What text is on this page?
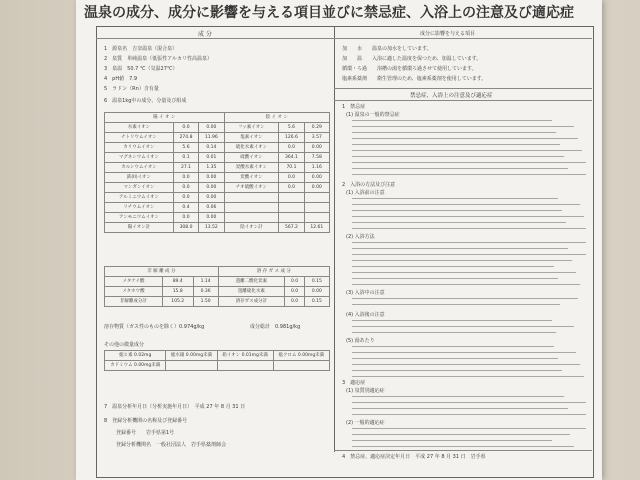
温泉の成分、成分に影響を与える項目並びに禁忌症、入浴上の注意及び適応症
成 分
1　源泉名　吉奈温泉（混合泉）
2　泉質　単純温泉（低張性アルカリ性高温泉）
3　泉温　50.7 ℃（気温27℃）
4　pH値　7.9
5　ラドン（Rn）含有量
6　温泉1kg中の成分、分量及び組成
陽 イ オ ン			陰 イ オ ン		
水素イオン	0.0	0.00	フッ素イオン	5.6	0.29
ナトリウムイオン	274.8	11.96	塩素イオン	126.6	3.57
カリウムイオン	5.6	0.14	硫化水素イオン	0.0	0.00
マグネシウムイオン	0.1	0.01	硫酸イオン	364.1	7.58
カルシウムイオン	27.1	1.35	炭酸水素イオン	70.1	1.16
鉄(II)イオン	0.0	0.00	炭酸イオン	0.0	0.00
マンガンイオン	0.0	0.00	チオ硫酸イオン	0.0	0.00
アルミニウムイオン	0.0	0.00			
リチウムイオン	0.4	0.06			
アンモニウムイオン	0.0	0.00			
陽イオン計	308.0	13.52	陰イオン計	567.2	12.61
非 解 離 成 分			溶 存 ガ ス 成 分		
メタケイ酸	89.4	1.14	遊離二酸化炭素	0.0	0.15
メタホウ酸	15.8	0.36	遊離硫化水素	0.0	0.00
非解離成分計	105.2	1.50	溶存ガス成分計	0.0	0.15
溶存物質（ガス性のものを除く）0.974g/kg	成分総計　0.981g/kg
その他の微量成分
総ヒ素 0.02mg	総水銀 0.00mg未満	鉛イオン 0.01mg未満	総クロム 0.00mg未満
カドミウム 0.00mg未満			
7　温泉分析年月日（分析実施年月日）　平成 27 年 8 月 31 日
8　登録分析機関の名称及び登録番号
登録番号　　岩手県第1号
登録分析機関名　一般社団法人　岩手県薬剤師会
成分に影響を与える項目
加　　水　　温泉の加水をしています。
加　　温　　入浴に適した温度を保つため、加温しています。
循環・ろ過　　浴槽の湯を循環ろ過させて使用しています。
塩素系薬剤　　衛生管理のため、塩素系薬剤を使用しています。
禁忌症、入浴上の注意及び適応症
1　禁忌症
(1) 温泉の一般的禁忌症
2　入浴の方法及び注意
(1) 入浴前の注意
(2) 入浴方法
(3) 入浴中の注意
(4) 入浴後の注意
(5) 湯あたり
3　適応症
(1) 泉質別適応症
(2) 一般的適応症
4　禁忌症、適応症決定年月日　平成 27 年 8 月 31 日　岩手県
